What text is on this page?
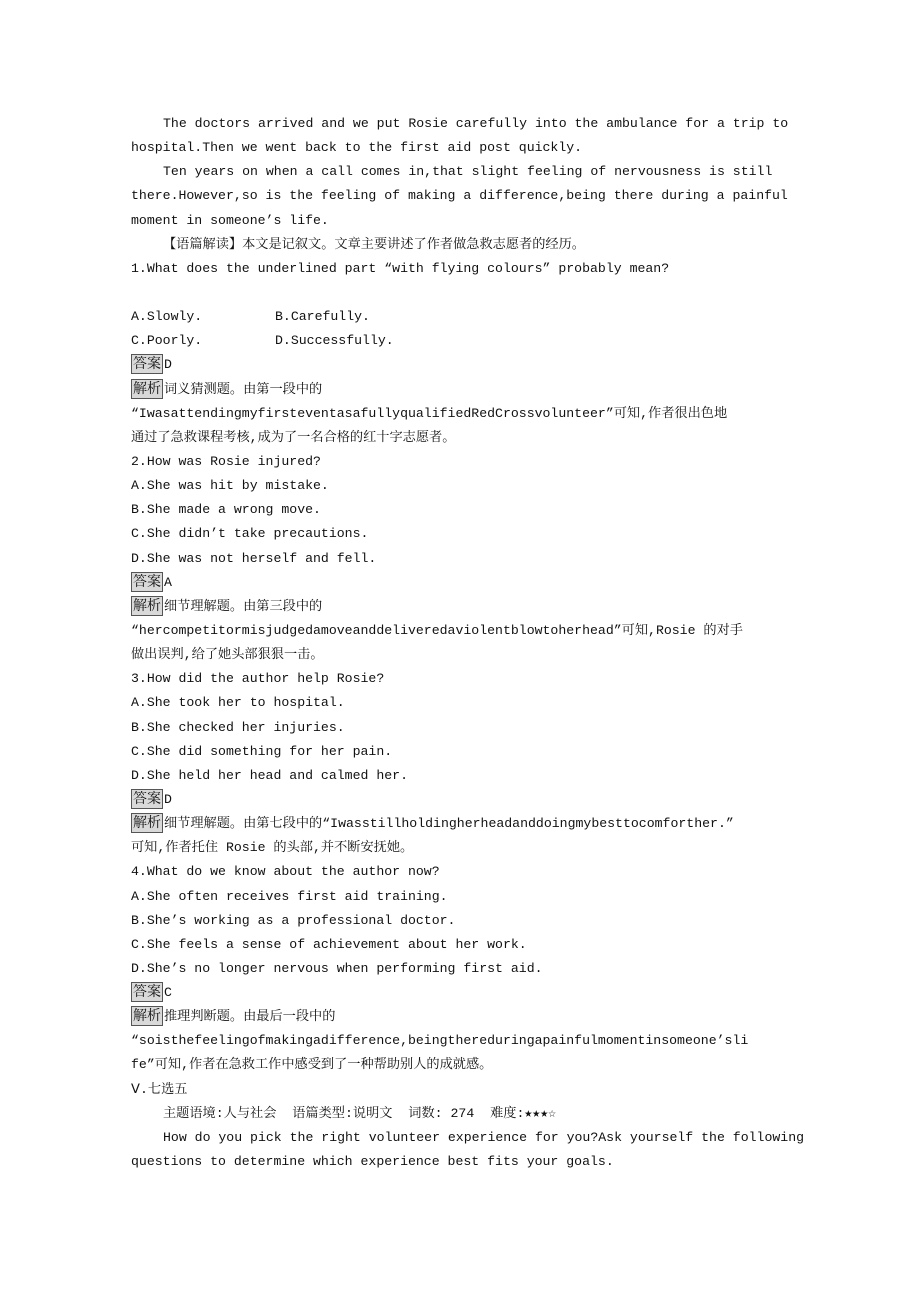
The doctors arrived and we put Rosie carefully into the ambulance for a trip to
hospital.Then we went back to the first aid post quickly.
Ten years on when a call comes in,that slight feeling of nervousness is still
there.However,so is the feeling of making a difference,being there during a painful
moment in someone’s life.
【语篇解读】本文是记叙文。文章主要讲述了作者做急救志愿者的经历。
1.What does the underlined part “with flying colours” probably mean?
A.Slowly.	B.Carefully.
C.Poorly.	D.Successfully.
答案 D
解析 词义猜测题。由第一段中的
“IwasattendingmyfirsteventasafullyqualifiedRedCrossvolunteer”可知,作者很出色地
通过了急救课程考核,成为了一名合格的红十字志愿者。
2.How was Rosie injured?
A.She was hit by mistake.
B.She made a wrong move.
C.She didn’t take precautions.
D.She was not herself and fell.
答案 A
解析 细节理解题。由第三段中的
“hercompetitormisjudgedamoveanddeliveredaviolentblowtoherhead”可知,Rosie 的对手
做出误判,给了她头部狠狠一击。
3.How did the author help Rosie?
A.She took her to hospital.
B.She checked her injuries.
C.She did something for her pain.
D.She held her head and calmed her.
答案 D
解析 细节理解题。由第七段中的“Iwasstillholdingherheadanddoingmybesttocomforther.”
可知,作者托住 Rosie 的头部,并不断安抚她。
4.What do we know about the author now?
A.She often receives first aid training.
B.She’s working as a professional doctor.
C.She feels a sense of achievement about her work.
D.She’s no longer nervous when performing first aid.
答案 C
解析 推理判断题。由最后一段中的
“soisthefeelingofmakingadifference,beingthereduringapainfulmomentinsomeone’sli
fe”可知,作者在急救工作中感受到了一种帮助别人的成就感。
Ⅴ.七选五
主题语境:人与社会  语篇类型:说明文  词数: 274  难度:★★★☆
How do you pick the right volunteer experience for you?Ask yourself the following
questions to determine which experience best fits your goals.
